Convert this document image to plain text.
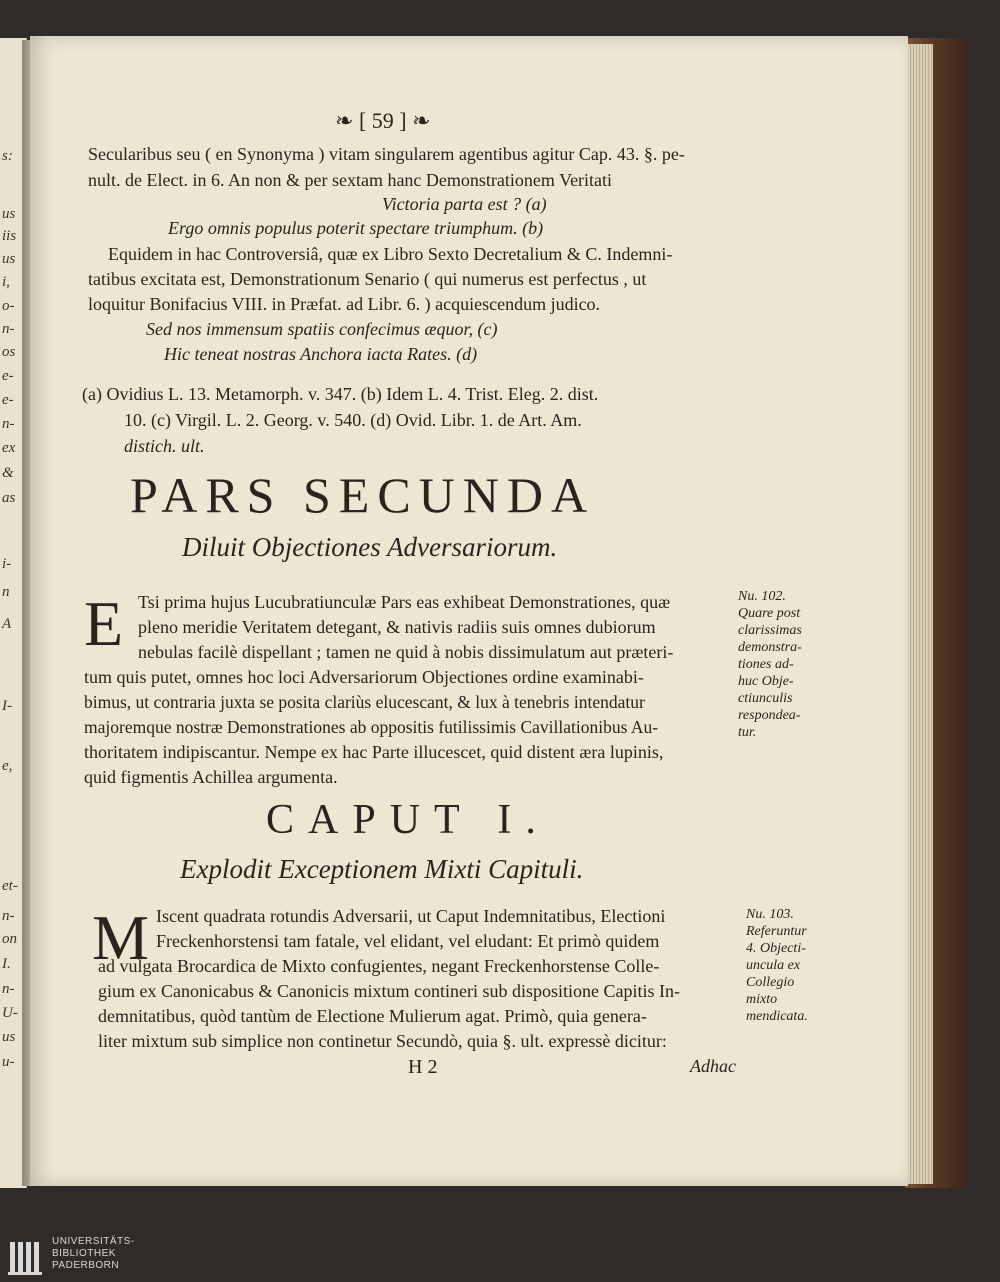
s:
us
iis
us
i,
o-
n-
os
e-
e-
n-
ex
&
as
i-
n
A
I-
e,
et-
n-
on
I.
n-
U-
us
u-
❧ [ 59 ] ❧
Secularibus seu ( en Synonyma ) vitam singularem agentibus agitur Cap. 43. §. pe-
nult. de Elect. in 6. An non & per sextam hanc Demonstrationem Veritati
Victoria parta est ? (a)
Ergo omnis populus poterit spectare triumphum. (b)
Equidem in hac Controversiâ, quæ ex Libro Sexto Decretalium & C. Indemni-
tatibus excitata est, Demonstrationum Senario ( qui numerus est perfectus , ut
loquitur Bonifacius VIII. in Præfat. ad Libr. 6. ) acquiescendum judico.
Sed nos immensum spatiis confecimus æquor, (c)
Hic teneat nostras Anchora iacta Rates. (d)
(a) Ovidius L. 13. Metamorph. v. 347. (b) Idem L. 4. Trist. Eleg. 2. dist.
10. (c) Virgil. L. 2. Georg. v. 540. (d) Ovid. Libr. 1. de Art. Am.
distich. ult.
PARS SECUNDA
Diluit Objectiones Adversariorum.
E Tsi prima hujus Lucubratiunculæ Pars eas exhibeat Demonstrationes, quæ
pleno meridie Veritatem detegant, & nativis radiis suis omnes dubiorum
nebulas facilè dispellant ; tamen ne quid à nobis dissimulatum aut præteri-
tum quis putet, omnes hoc loci Adversariorum Objectiones ordine examinabi-
bimus, ut contraria juxta se posita clariùs elucescant, & lux à tenebris intendatur
majoremque nostræ Demonstrationes ab oppositis futilissimis Cavillationibus Au-
thoritatem indipiscantur. Nempe ex hac Parte illucescet, quid distent æra lupinis,
quid figmentis Achillea argumenta.
Nu. 102.
Quare post
clarissimas
demonstra-
tiones ad-
huc Obje-
ctiunculis
respondea-
tur.
CAPUT I.
Explodit Exceptionem Mixti Capituli.
M Iscent quadrata rotundis Adversarii, ut Caput Indemnitatibus, Electioni
Freckenhorstensi tam fatale, vel elidant, vel eludant: Et primò quidem
ad vulgata Brocardica de Mixto confugientes, negant Freckenhorstense Colle-
gium ex Canonicabus & Canonicis mixtum contineri sub dispositione Capitis In-
demnitatibus, quòd tantùm de Electione Mulierum agat. Primò, quia genera-
liter mixtum sub simplice non continetur Secundò, quia §. ult. expressè dicitur:
Nu. 103.
Referuntur
4. Objecti-
uncula ex
Collegio
mixto
mendicata.
H 2	Adhac
UNIVERSITÄTS-
BIBLIOTHEK
PADERBORN
